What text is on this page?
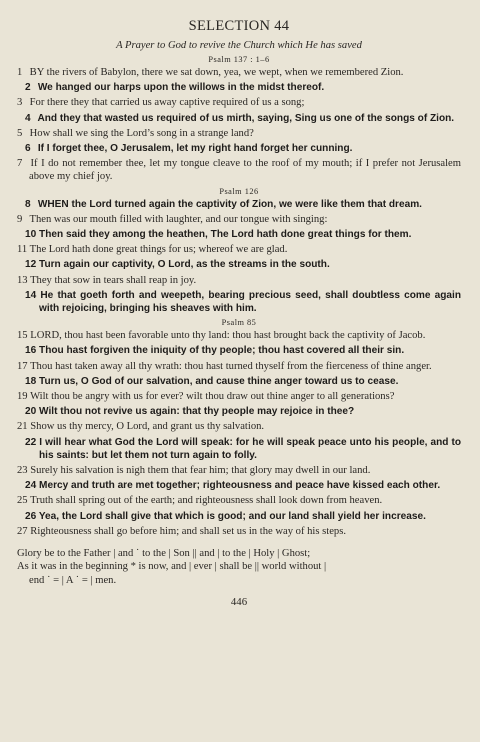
SELECTION 44

A Prayer to God to revive the Church which He has saved

Psalm 137 : 1–6

1 BY the rivers of Babylon, there we sat down, yea, we wept, when we remembered Zion.

2 We hanged our harps upon the willows in the midst thereof.

3 For there they that carried us away captive required of us a song;

4 And they that wasted us required of us mirth, saying, Sing us one of the songs of Zion.

5 How shall we sing the Lord’s song in a strange land?

6 If I forget thee, O Jerusalem, let my right hand forget her cunning.

7 If I do not remember thee, let my tongue cleave to the roof of my mouth; if I prefer not Jerusalem above my chief joy.

Psalm 126

8 WHEN the Lord turned again the captivity of Zion, we were like them that dream.

9 Then was our mouth filled with laughter, and our tongue with singing:

10 Then said they among the heathen, The Lord hath done great things for them.

11 The Lord hath done great things for us; whereof we are glad.

12 Turn again our captivity, O Lord, as the streams in the south.

13 They that sow in tears shall reap in joy.

14 He that goeth forth and weepeth, bearing precious seed, shall doubtless come again with rejoicing, bringing his sheaves with him.

Psalm 85

15 LORD, thou hast been favorable unto thy land: thou hast brought back the captivity of Jacob.

16 Thou hast forgiven the iniquity of thy people; thou hast covered all their sin.

17 Thou hast taken away all thy wrath: thou hast turned thyself from the fierceness of thine anger.

18 Turn us, O God of our salvation, and cause thine anger toward us to cease.

19 Wilt thou be angry with us for ever? wilt thou draw out thine anger to all generations?

20 Wilt thou not revive us again: that thy people may rejoice in thee?

21 Show us thy mercy, O Lord, and grant us thy salvation.

22 I will hear what God the Lord will speak: for he will speak peace unto his people, and to his saints: but let them not turn again to folly.

23 Surely his salvation is nigh them that fear him; that glory may dwell in our land.

24 Mercy and truth are met together; righteousness and peace have kissed each other.

25 Truth shall spring out of the earth; and righteousness shall look down from heaven.

26 Yea, the Lord shall give that which is good; and our land shall yield her increase.

27 Righteousness shall go before him; and shall set us in the way of his steps.

Glory be to the Father | and ˙ to the | Son || and | to the | Holy | Ghost;

As it was in the beginning * is now, and | ever | shall be || world without |

end ˙ = | A ˙ = | men.

446
